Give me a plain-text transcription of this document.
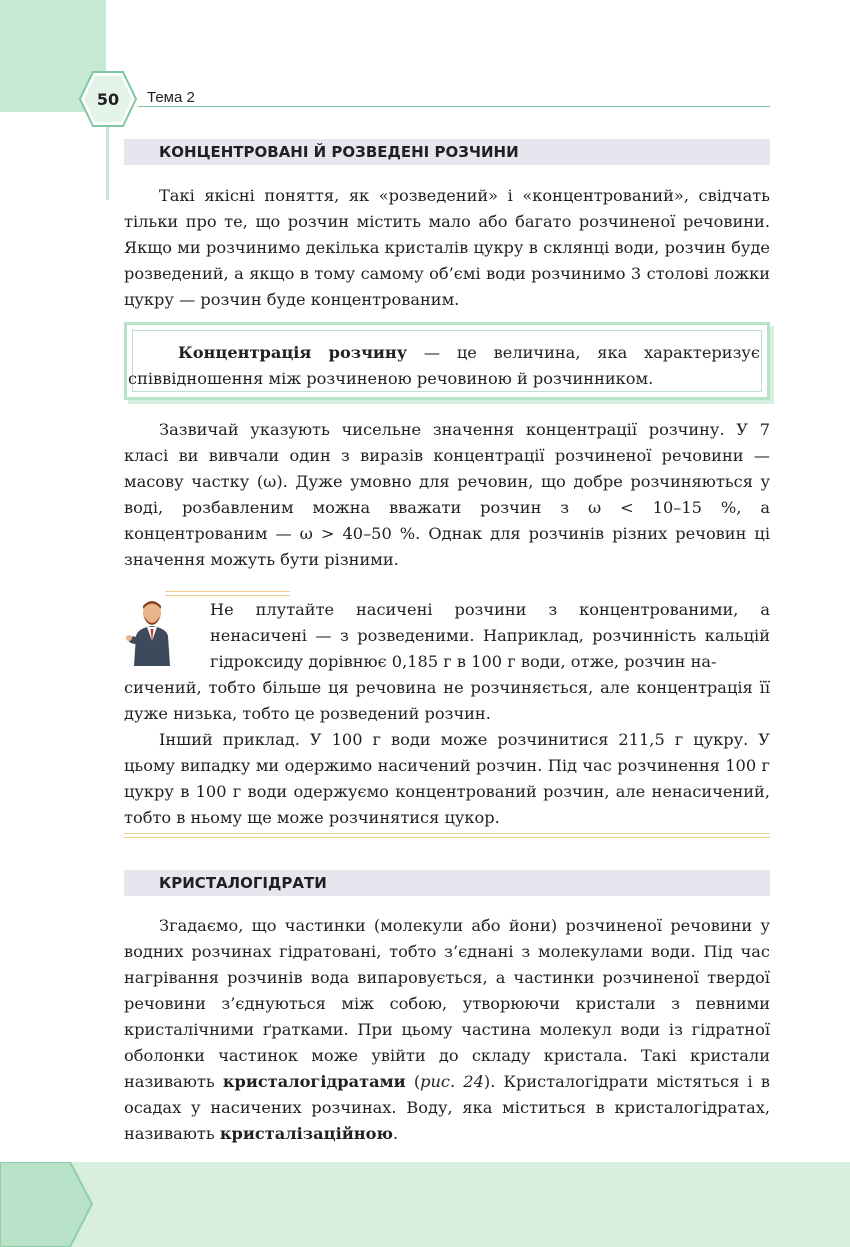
50	Тема 2
КОНЦЕНТРОВАНІ Й РОЗВЕДЕНІ РОЗЧИНИ

Такі якісні поняття, як «розведений» і «концентрований», свідчать тільки про те, що розчин містить мало або багато розчиненої речовини. Якщо ми розчинимо декілька кристалів цукру в склянці води, розчин буде розведений, а якщо в тому самому об’ємі води розчинимо 3 столові ложки цукру — розчин буде концентрованим.

Концентрація розчину — це величина, яка характеризує співвідношення між розчиненою речовиною й розчинником.

Зазвичай указують чисельне значення концентрації розчину. У 7 класі ви вивчали один з виразів концентрації розчиненої речовини — масову частку (ω). Дуже умовно для речовин, що добре розчиняються у воді, розбавленим можна вважати розчин з ω < 10–15 %, а концентрованим — ω > 40–50 %. Однак для розчинів різних речовин ці значення можуть бути різними.

Не плутайте насичені розчини з концентрованими, а ненасичені — з розведеними. Наприклад, розчинність кальцій гідроксиду дорівнює 0,185 г в 100 г води, отже, розчин на-

сичений, тобто більше ця речовина не розчиняється, але концентрація її дуже низька, тобто це розведений розчин.

Інший приклад. У 100 г води може розчинитися 211,5 г цукру. У цьому випадку ми одержимо насичений розчин. Під час розчинення 100 г цукру в 100 г води одержуємо концентрований розчин, але ненасичений, тобто в ньому ще може розчинятися цукор.

КРИСТАЛОГІДРАТИ

Згадаємо, що частинки (молекули або йони) розчиненої речовини у водних розчинах гідратовані, тобто з’єднані з молекулами води. Під час нагрівання розчинів вода випаровується, а частинки розчиненої твердої речовини з’єднуються між собою, утворюючи кристали з певними кристалічними ґратками. При цьому частина молекул води із гідратної оболонки частинок може увійти до складу кристала. Такі кристали називають кристалогідратами (рис. 24). Кристалогідрати містяться і в осадах у насичених розчинах. Воду, яка міститься в кристалогідратах, називають кристалізаційною.
